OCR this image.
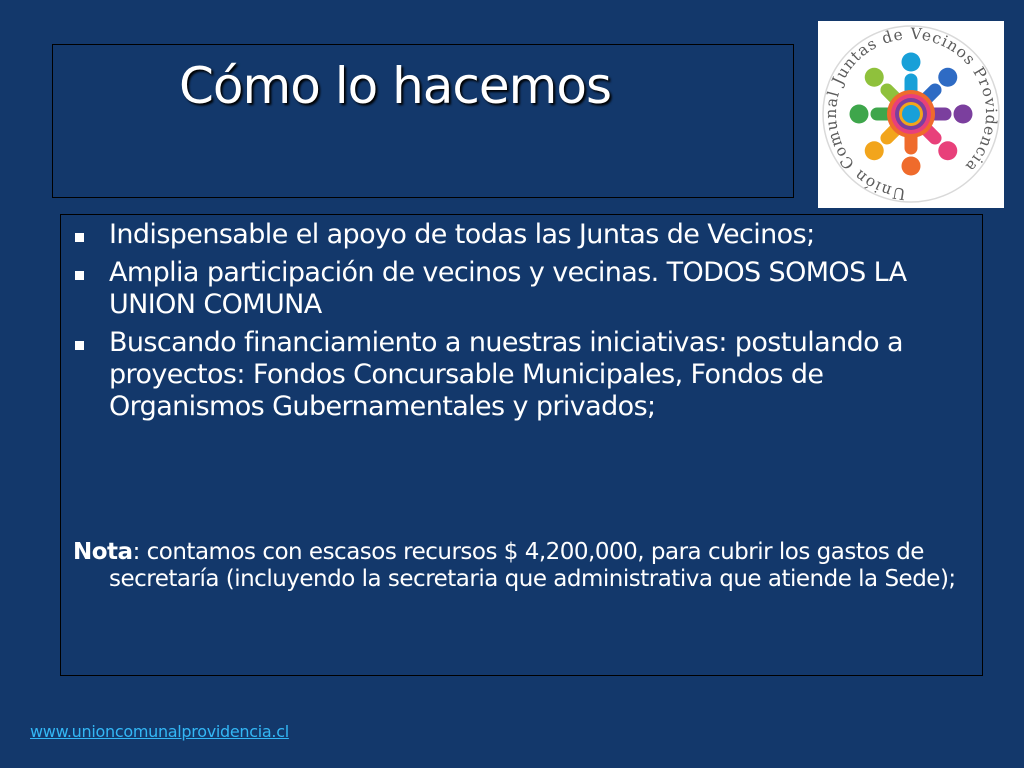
Cómo lo hacemos
Unión Comunal Juntas de Vecinos Providencia
Indispensable el apoyo de todas las Juntas de Vecinos;
Amplia participación de vecinos y vecinas. TODOS SOMOS LA UNION COMUNA
Buscando financiamiento a nuestras iniciativas: postulando a proyectos: Fondos Concursable Municipales, Fondos de Organismos Gubernamentales y privados;

Nota: contamos con escasos recursos $ 4,200,000, para cubrir los gastos de secretaría (incluyendo la secretaria que administrativa que atiende la Sede);

www.unioncomunalprovidencia.cl
